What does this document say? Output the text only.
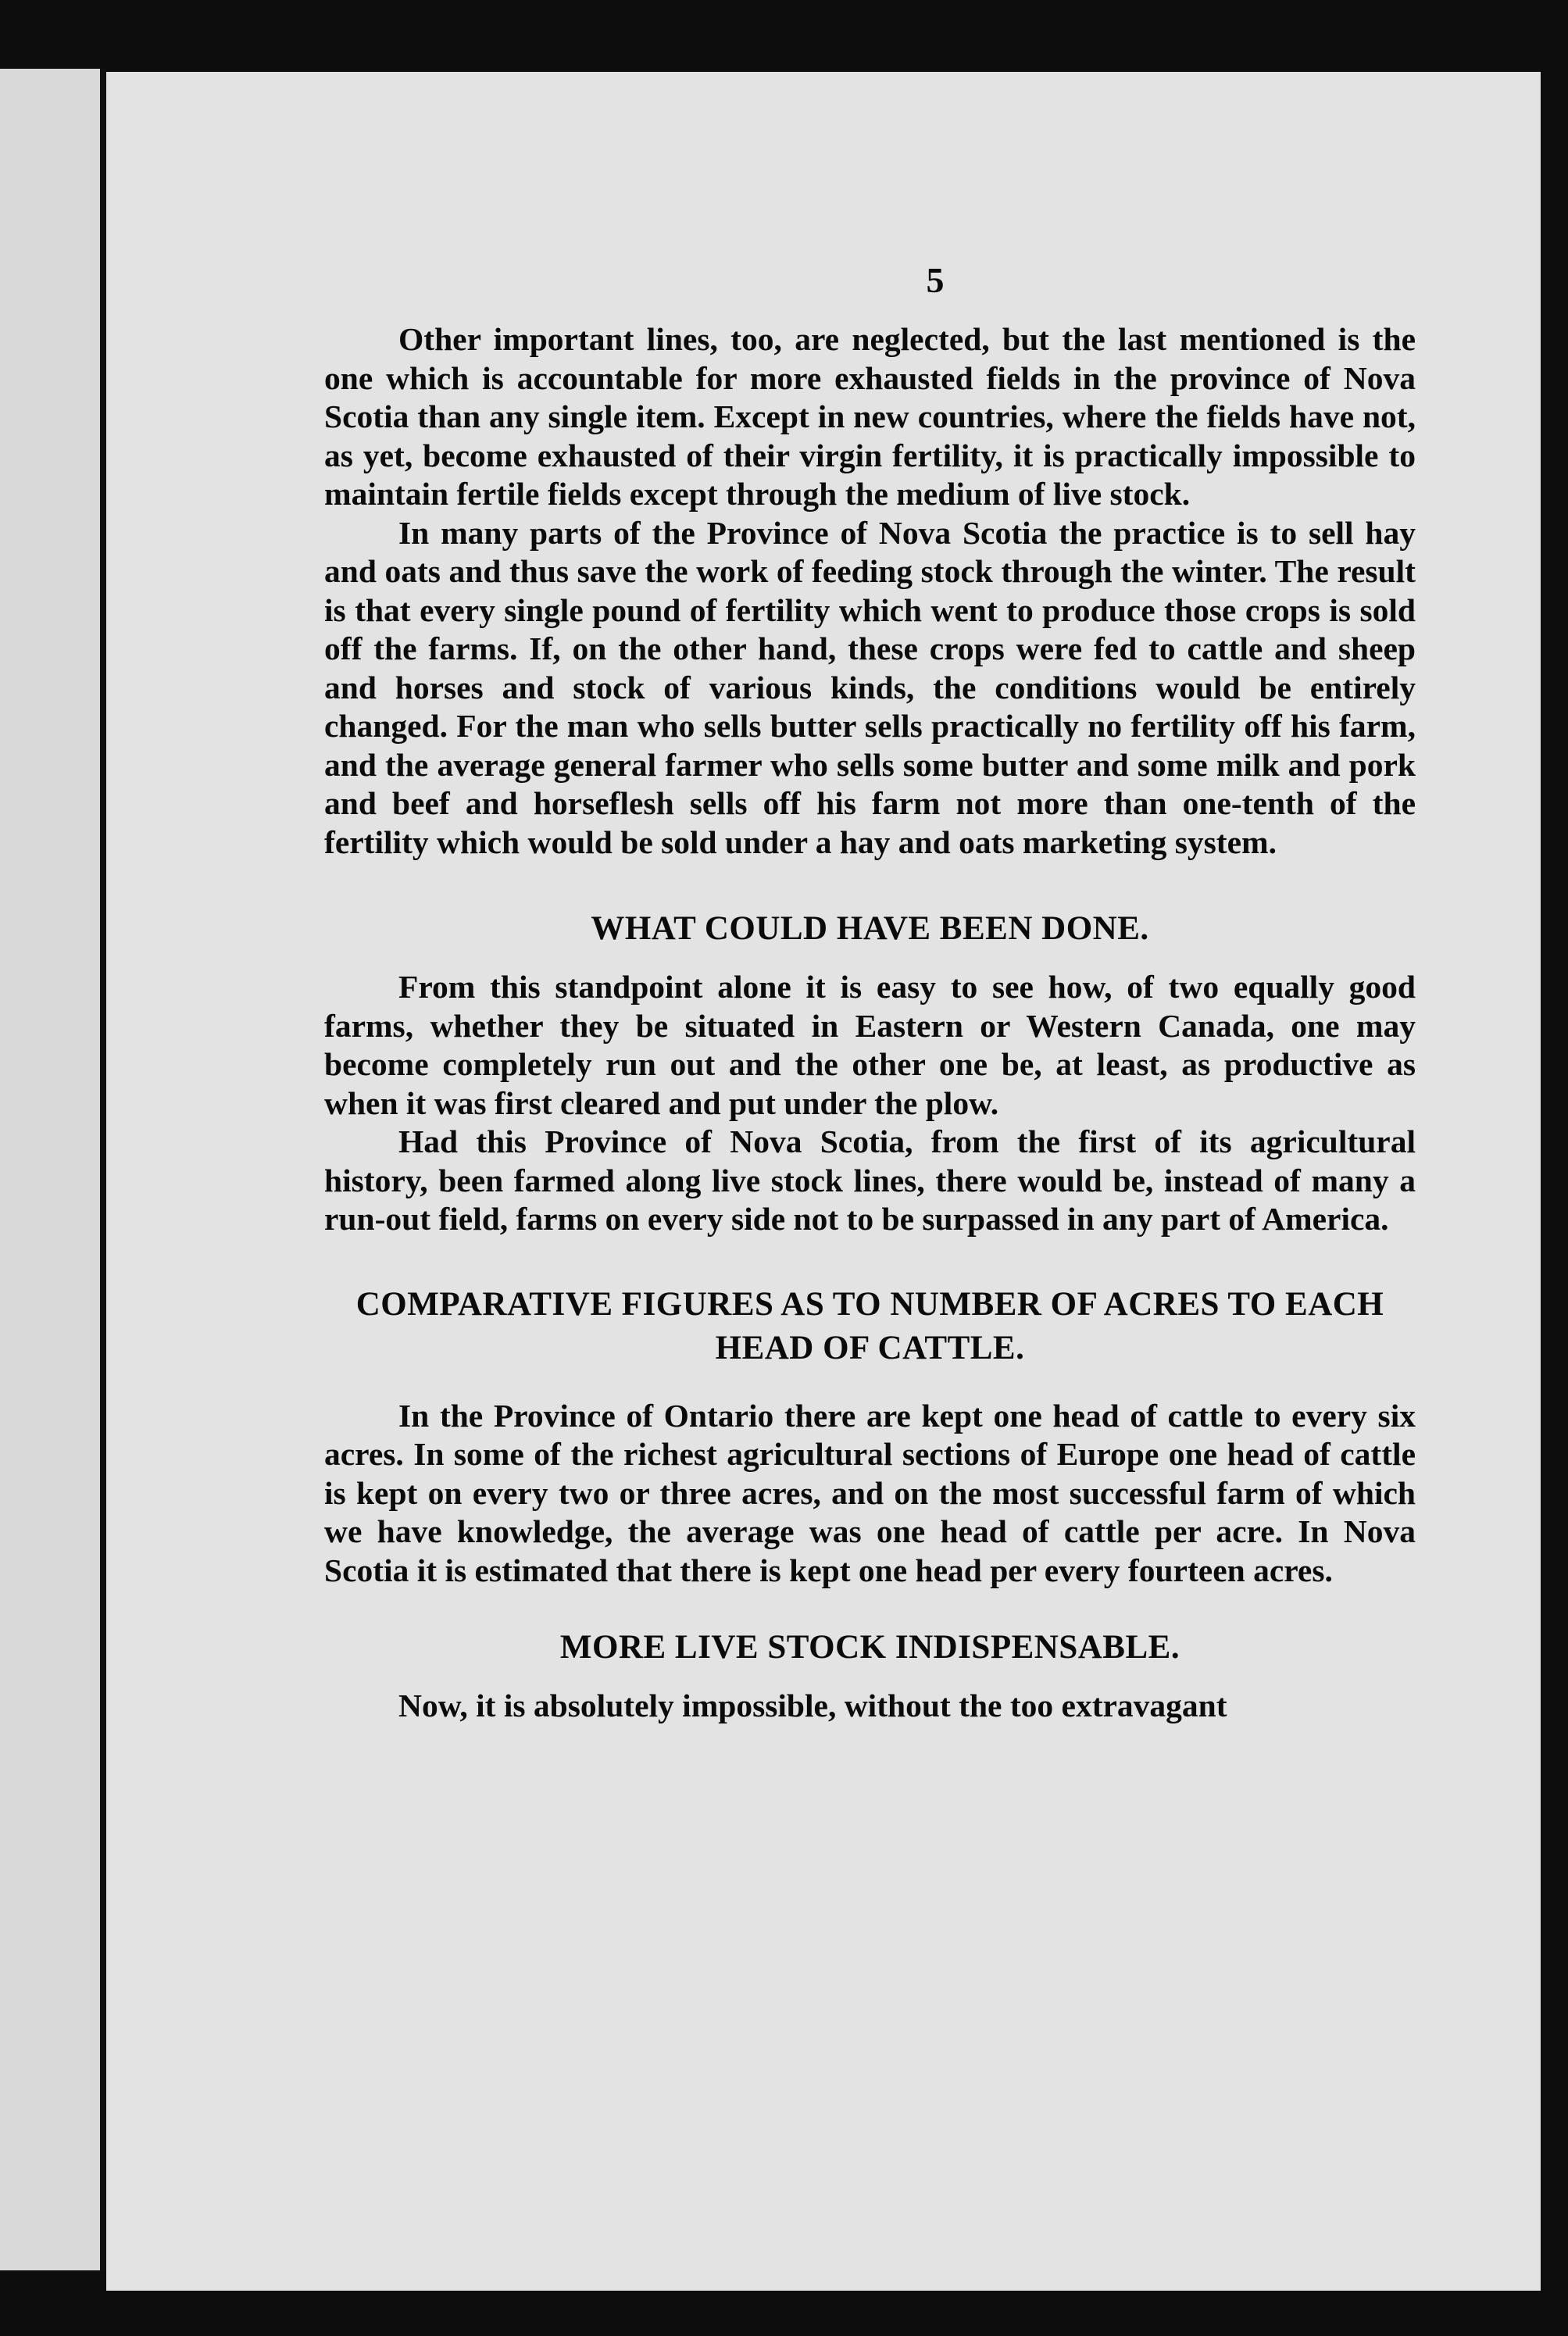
5

Other important lines, too, are neglected, but the last mentioned is the one which is accountable for more exhausted fields in the province of Nova Scotia than any single item. Except in new countries, where the fields have not, as yet, become exhausted of their virgin fertility, it is practically impossible to maintain fertile fields except through the medium of live stock.

In many parts of the Province of Nova Scotia the practice is to sell hay and oats and thus save the work of feeding stock through the winter. The result is that every single pound of fertility which went to produce those crops is sold off the farms. If, on the other hand, these crops were fed to cattle and sheep and horses and stock of various kinds, the conditions would be entirely changed. For the man who sells butter sells practically no fertility off his farm, and the average general farmer who sells some butter and some milk and pork and beef and horseflesh sells off his farm not more than one-tenth of the fertility which would be sold under a hay and oats marketing system.

WHAT COULD HAVE BEEN DONE.

From this standpoint alone it is easy to see how, of two equally good farms, whether they be situated in Eastern or Western Canada, one may become completely run out and the other one be, at least, as productive as when it was first cleared and put under the plow.

Had this Province of Nova Scotia, from the first of its agricultural history, been farmed along live stock lines, there would be, instead of many a run-out field, farms on every side not to be surpassed in any part of America.

COMPARATIVE FIGURES AS TO NUMBER OF ACRES TO EACH HEAD OF CATTLE.

In the Province of Ontario there are kept one head of cattle to every six acres. In some of the richest agricultural sections of Europe one head of cattle is kept on every two or three acres, and on the most successful farm of which we have knowledge, the average was one head of cattle per acre. In Nova Scotia it is estimated that there is kept one head per every fourteen acres.

MORE LIVE STOCK INDISPENSABLE.

Now, it is absolutely impossible, without the too extravagant
